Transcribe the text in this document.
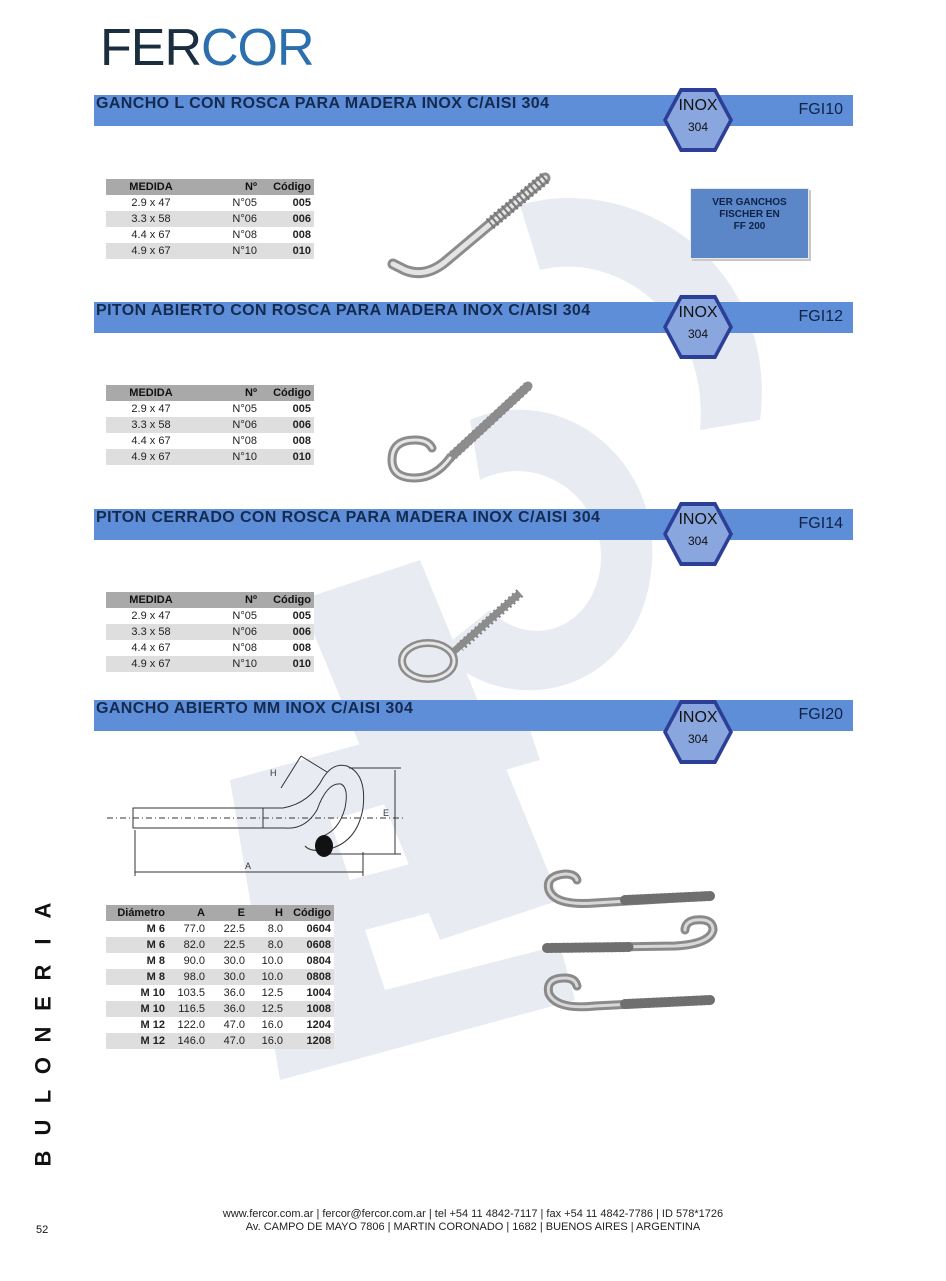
FERCOR
GANCHO L CON ROSCA PARA MADERA INOX C/AISI 304	FGI10
INOX
304
MEDIDA	Nº	Código
2.9 x 47	N°05	005
3.3 x 58	N°06	006
4.4 x 67	N°08	008
4.9 x 67	N°10	010
VER GANCHOS
FISCHER EN
FF 200
PITON ABIERTO CON ROSCA PARA MADERA INOX C/AISI 304	FGI12
INOX
304
MEDIDA	Nº	Código
2.9 x 47	N°05	005
3.3 x 58	N°06	006
4.4 x 67	N°08	008
4.9 x 67	N°10	010
PITON CERRADO CON ROSCA PARA MADERA INOX C/AISI 304	FGI14
INOX
304
MEDIDA	Nº	Código
2.9 x 47	N°05	005
3.3 x 58	N°06	006
4.4 x 67	N°08	008
4.9 x 67	N°10	010
GANCHO ABIERTO MM INOX C/AISI 304	FGI20
INOX
304
H
E
A
Diámetro	A	E	H	Código
M 6	77.0	22.5	8.0	0604
M 6	82.0	22.5	8.0	0608
M 8	90.0	30.0	10.0	0804
M 8	98.0	30.0	10.0	0808
M 10	103.5	36.0	12.5	1004
M 10	116.5	36.0	12.5	1008
M 12	122.0	47.0	16.0	1204
M 12	146.0	47.0	16.0	1208
A
I
R
E
N
O
L
U
B
www.fercor.com.ar | fercor@fercor.com.ar | tel +54 11 4842-7117 | fax +54 11 4842-7786 | ID 578*1726
Av. CAMPO DE MAYO 7806 | MARTIN CORONADO | 1682 | BUENOS AIRES | ARGENTINA
52
